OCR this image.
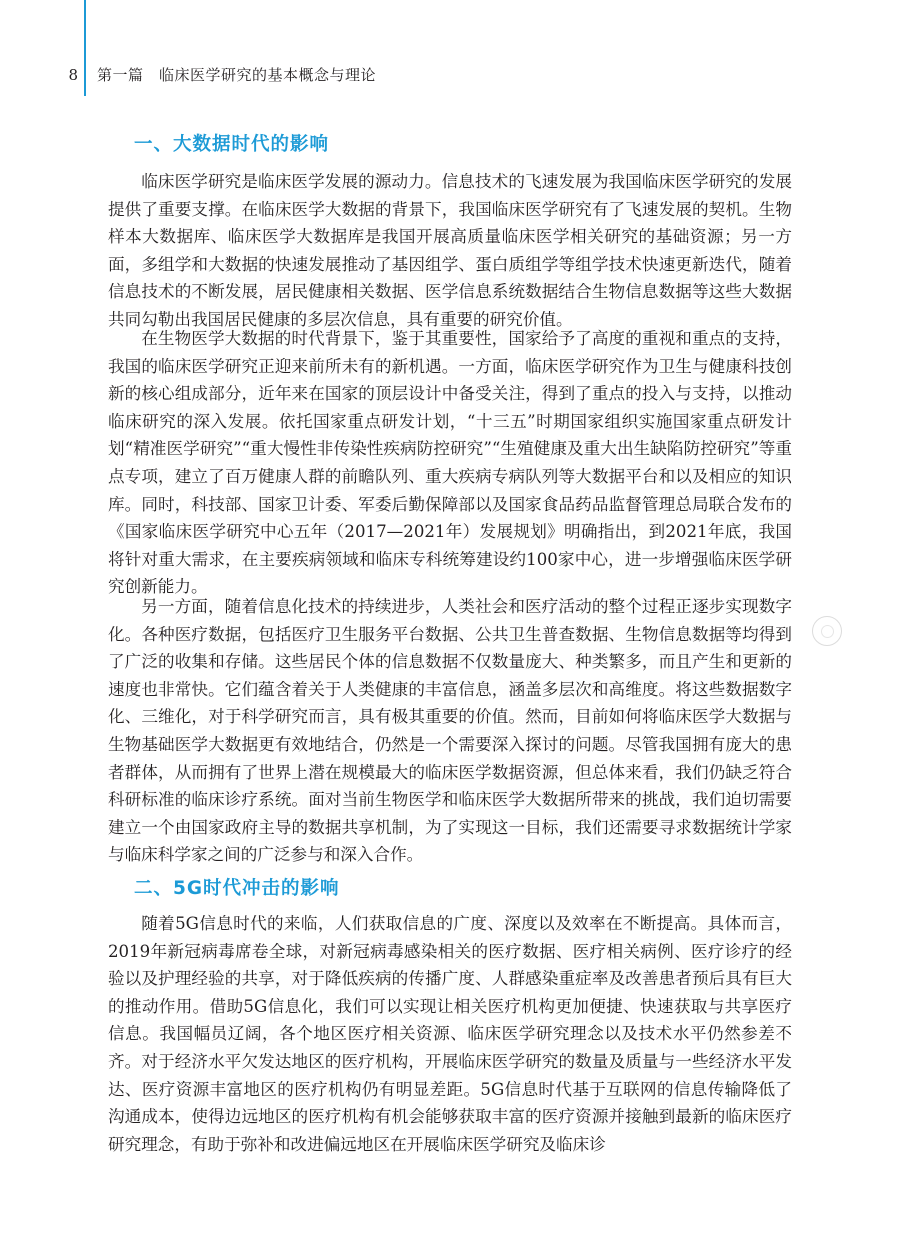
8 第一篇　临床医学研究的基本概念与理论
一、大数据时代的影响

临床医学研究是临床医学发展的源动力。信息技术的飞速发展为我国临床医学研究的发展提供了重要支撑。在临床医学大数据的背景下，我国临床医学研究有了飞速发展的契机。生物样本大数据库、临床医学大数据库是我国开展高质量临床医学相关研究的基础资源；另一方面，多组学和大数据的快速发展推动了基因组学、蛋白质组学等组学技术快速更新迭代，随着信息技术的不断发展，居民健康相关数据、医学信息系统数据结合生物信息数据等这些大数据共同勾勒出我国居民健康的多层次信息，具有重要的研究价值。

在生物医学大数据的时代背景下，鉴于其重要性，国家给予了高度的重视和重点的支持，我国的临床医学研究正迎来前所未有的新机遇。一方面，临床医学研究作为卫生与健康科技创新的核心组成部分，近年来在国家的顶层设计中备受关注，得到了重点的投入与支持，以推动临床研究的深入发展。依托国家重点研发计划，“十三五”时期国家组织实施国家重点研发计划“精准医学研究”“重大慢性非传染性疾病防控研究”“生殖健康及重大出生缺陷防控研究”等重点专项，建立了百万健康人群的前瞻队列、重大疾病专病队列等大数据平台和以及相应的知识库。同时，科技部、国家卫计委、军委后勤保障部以及国家食品药品监督管理总局联合发布的《国家临床医学研究中心五年（2017—2021年）发展规划》明确指出，到2021年底，我国将针对重大需求，在主要疾病领域和临床专科统筹建设约100家中心，进一步增强临床医学研究创新能力。

另一方面，随着信息化技术的持续进步，人类社会和医疗活动的整个过程正逐步实现数字化。各种医疗数据，包括医疗卫生服务平台数据、公共卫生普查数据、生物信息数据等均得到了广泛的收集和存储。这些居民个体的信息数据不仅数量庞大、种类繁多，而且产生和更新的速度也非常快。它们蕴含着关于人类健康的丰富信息，涵盖多层次和高维度。将这些数据数字化、三维化，对于科学研究而言，具有极其重要的价值。然而，目前如何将临床医学大数据与生物基础医学大数据更有效地结合，仍然是一个需要深入探讨的问题。尽管我国拥有庞大的患者群体，从而拥有了世界上潜在规模最大的临床医学数据资源，但总体来看，我们仍缺乏符合科研标准的临床诊疗系统。面对当前生物医学和临床医学大数据所带来的挑战，我们迫切需要建立一个由国家政府主导的数据共享机制，为了实现这一目标，我们还需要寻求数据统计学家与临床科学家之间的广泛参与和深入合作。

二、5G时代冲击的影响

随着5G信息时代的来临，人们获取信息的广度、深度以及效率在不断提高。具体而言，2019年新冠病毒席卷全球，对新冠病毒感染相关的医疗数据、医疗相关病例、医疗诊疗的经验以及护理经验的共享，对于降低疾病的传播广度、人群感染重症率及改善患者预后具有巨大的推动作用。借助5G信息化，我们可以实现让相关医疗机构更加便捷、快速获取与共享医疗信息。我国幅员辽阔，各个地区医疗相关资源、临床医学研究理念以及技术水平仍然参差不齐。对于经济水平欠发达地区的医疗机构，开展临床医学研究的数量及质量与一些经济水平发达、医疗资源丰富地区的医疗机构仍有明显差距。5G信息时代基于互联网的信息传输降低了沟通成本，使得边远地区的医疗机构有机会能够获取丰富的医疗资源并接触到最新的临床医疗研究理念，有助于弥补和改进偏远地区在开展临床医学研究及临床诊
